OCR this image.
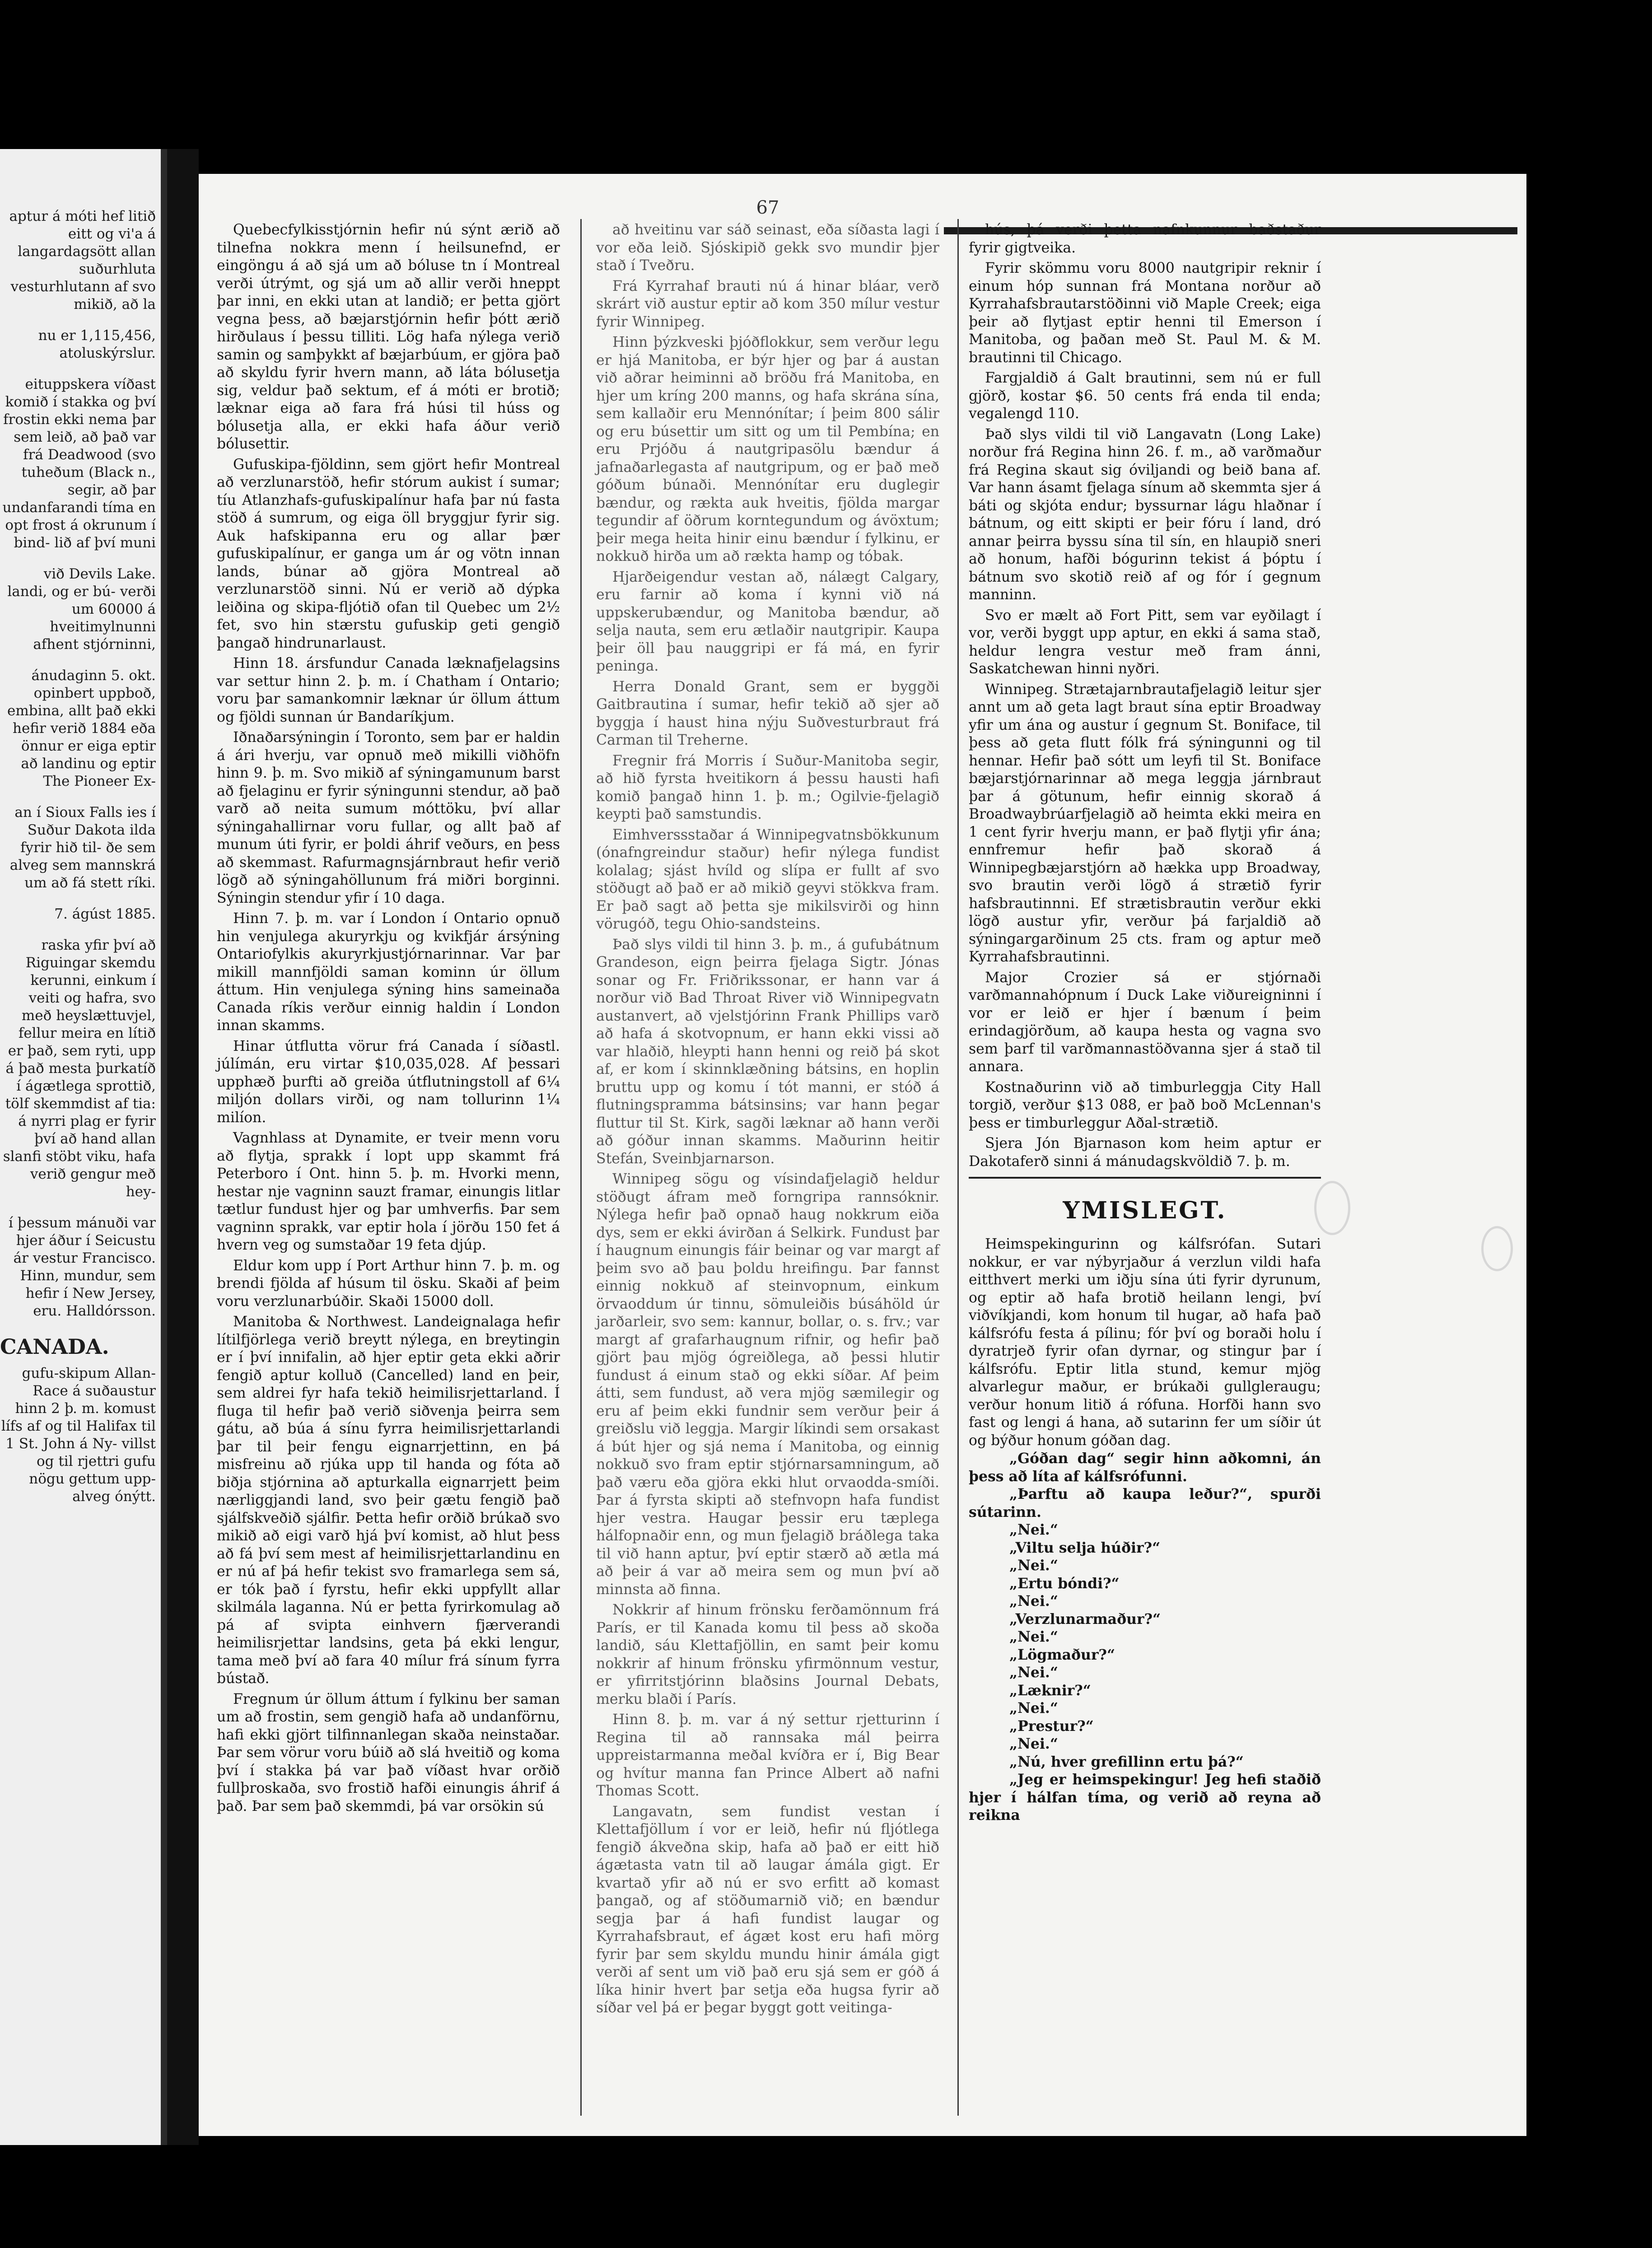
aptur á móti hef litið eitt og vi'a á langardagsött allan suðurhluta vesturhlutann af svo mikið, að la

nu er 1,115,456, atoluskýrslur.

eituppskera víðast komið í stakka og því frostin ekki nema þar sem leið, að það var frá Deadwood (svo tuheðum (Black n., segir, að þar undanfarandi tíma en opt frost á okrunum í bind- lið af því muni

við Devils Lake. landi, og er bú- verði um 60000 á hveitimylnunni afhent stjórninni,

ánudaginn 5. okt. opinbert uppboð, embina, allt það ekki hefir verið 1884 eða önnur er eiga eptir að landinu og eptir The Pioneer Ex-

an í Sioux Falls ies í Suður Dakota ilda fyrir hið til- ðe sem alveg sem mannskrá um að fá stett ríki.

7. ágúst 1885.

raska yfir því að Riguingar skemdu kerunni, einkum í veiti og hafra, svo með heyslættuvjel, fellur meira en lítið er það, sem ryti, upp á það mesta þurkatíð í ágætlega sprottið, tölf skemmdist af tia: á nyrri plag er fyrir því að hand allan slanfi stöbt viku, hafa verið gengur með hey-

í þessum mánuði var hjer áður í Seicustu ár vestur Francisco. Hinn, mundur, sem hefir í New Jersey, eru. Halldórsson.

CANADA.

gufu-skipum Allan- Race á suðaustur hinn 2 þ. m. komust lífs af og til Halifax til 1 St. John á Ny- villst og til rjettri gufu nögu gettum upp- alveg ónýtt.

67

Quebecfylkisstjórnin hefir nú sýnt ærið að tilnefna nokkra menn í heilsunefnd, er eingöngu á að sjá um að bóluse tn í Montreal verði útrýmt, og sjá um að allir verði hneppt þar inni, en ekki utan at landið; er þetta gjört vegna þess, að bæjarstjórnin hefir þótt ærið hirðulaus í þessu tilliti. Lög hafa nýlega verið samin og samþykkt af bæjarbúum, er gjöra það að skyldu fyrir hvern mann, að láta bólusetja sig, veldur það sektum, ef á móti er brotið; læknar eiga að fara frá húsi til húss og bólusetja alla, er ekki hafa áður verið bólusettir.

Gufuskipa-fjöldinn, sem gjört hefir Montreal að verzlunarstöð, hefir stórum aukist í sumar; tíu Atlanzhafs-gufuskipalínur hafa þar nú fasta stöð á sumrum, og eiga öll bryggjur fyrir sig. Auk hafskipanna eru og allar þær gufuskipalínur, er ganga um ár og vötn innan lands, búnar að gjöra Montreal að verzlunarstöð sinni. Nú er verið að dýpka leiðina og skipa-fljótið ofan til Quebec um 2½ fet, svo hin stærstu gufuskip geti gengið þangað hindrunarlaust.

Hinn 18. ársfundur Canada læknafjelagsins var settur hinn 2. þ. m. í Chatham í Ontario; voru þar samankomnir læknar úr öllum áttum og fjöldi sunnan úr Bandaríkjum.

Iðnaðarsýningin í Toronto, sem þar er haldin á ári hverju, var opnuð með mikilli viðhöfn hinn 9. þ. m. Svo mikið af sýningamunum barst að fjelaginu er fyrir sýningunni stendur, að það varð að neita sumum móttöku, því allar sýningahallirnar voru fullar, og allt það af munum úti fyrir, er þoldi áhrif veðurs, en þess að skemmast. Rafurmagnsjárnbraut hefir verið lögð að sýningahöllunum frá miðri borginni. Sýningin stendur yfir í 10 daga.

Hinn 7. þ. m. var í London í Ontario opnuð hin venjulega akuryrkju og kvikfjár ársýning Ontariofylkis akuryrkjustjórnarinnar. Var þar mikill mannfjöldi saman kominn úr öllum áttum. Hin venjulega sýning hins sameinaða Canada ríkis verður einnig haldin í London innan skamms.

Hinar útflutta vörur frá Canada í síðastl. júlímán, eru virtar $10,035,028. Af þessari upphæð þurfti að greiða útflutningstoll af 6¼ miljón dollars virði, og nam tollurinn 1¼ milíon.

Vagnhlass at Dynamite, er tveir menn voru að flytja, sprakk í lopt upp skammt frá Peterboro í Ont. hinn 5. þ. m. Hvorki menn, hestar nje vagninn sauzt framar, einungis litlar tætlur fundust hjer og þar umhverfis. Þar sem vagninn sprakk, var eptir hola í jörðu 150 fet á hvern veg og sumstaðar 19 feta djúp.

Eldur kom upp í Port Arthur hinn 7. þ. m. og brendi fjölda af húsum til ösku. Skaði af þeim voru verzlunarbúðir. Skaði 15000 doll.

Manitoba & Northwest. Landeignalaga hefir lítilfjörlega verið breytt nýlega, en breytingin er í því innifalin, að hjer eptir geta ekki aðrir fengið aptur kolluð (Cancelled) land en þeir, sem aldrei fyr hafa tekið heimilisrjettarland. Í fluga til hefir það verið siðvenja þeirra sem gátu, að búa á sínu fyrra heimilisrjettarlandi þar til þeir fengu eignarrjettinn, en þá misfreinu að rjúka upp til handa og fóta að biðja stjórnina að apturkalla eignarrjett þeim nærliggjandi land, svo þeir gætu fengið það sjálfskveðið sjálfir. Þetta hefir orðið brúkað svo mikið að eigi varð hjá því komist, að hlut þess að fá því sem mest af heimilisrjettarlandinu en er nú af þá hefir tekist svo framarlega sem sá, er tók það í fyrstu, hefir ekki uppfyllt allar skilmála laganna. Nú er þetta fyrirkomulag að pá af svipta einhvern fjærverandi heimilisrjettar landsins, geta þá ekki lengur, tama með því að fara 40 mílur frá sínum fyrra bústað.

Fregnum úr öllum áttum í fylkinu ber saman um að frostin, sem gengið hafa að undanförnu, hafi ekki gjört tilfinnanlegan skaða neinstaðar. Þar sem vörur voru búið að slá hveitið og koma því í stakka þá var það víðast hvar orðið fullþroskaða, svo frostið hafði einungis áhrif á það. Þar sem það skemmdi, þá var orsökin sú

að hveitinu var sáð seinast, eða síðasta lagi í vor eða leið. Sjóskipið gekk svo mundir þjer stað í Tveðru.

Frá Kyrrahaf brauti nú á hinar bláar, verð skrárt við austur eptir að kom 350 mílur vestur fyrir Winnipeg.

Hinn þýzkveski þjóðflokkur, sem verður legu er hjá Manitoba, er býr hjer og þar á austan við aðrar heiminni að bröðu frá Manitoba, en hjer um kríng 200 manns, og hafa skrána sína, sem kallaðir eru Mennónítar; í þeim 800 sálir og eru búsettir um sitt og um til Pembína; en eru Prjóðu á nautgripasölu bændur á jafnaðarlegasta af nautgripum, og er það með góðum búnaði. Mennónítar eru duglegir bændur, og rækta auk hveitis, fjölda margar tegundir af öðrum korntegundum og ávöxtum; þeir mega heita hinir einu bændur í fylkinu, er nokkuð hirða um að rækta hamp og tóbak.

Hjarðeigendur vestan að, nálægt Calgary, eru farnir að koma í kynni við ná uppskerubændur, og Manitoba bændur, að selja nauta, sem eru ætlaðir nautgripir. Kaupa þeir öll þau nauggripi er fá má, en fyrir peninga.

Herra Donald Grant, sem er byggði Gaitbrautina í sumar, hefir tekið að sjer að byggja í haust hina nýju Suðvesturbraut frá Carman til Treherne.

Fregnir frá Morris í Suður-Manitoba segir, að hið fyrsta hveitikorn á þessu hausti hafi komið þangað hinn 1. þ. m.; Ogilvie-fjelagið keypti það samstundis.

Eimhverssstaðar á Winnipegvatnsbökkunum (ónafngreindur staður) hefir nýlega fundist kolalag; sjást hvíld og slípa er fullt af svo stöðugt að það er að mikið geyvi stökkva fram. Er það sagt að þetta sje mikilsvirði og hinn vörugóð, tegu Ohio-sandsteins.

Það slys vildi til hinn 3. þ. m., á gufubátnum Grandeson, eign þeirra fjelaga Sigtr. Jónas sonar og Fr. Friðrikssonar, er hann var á norður við Bad Throat River við Winnipegvatn austanvert, að vjelstjórinn Frank Phillips varð að hafa á skotvopnum, er hann ekki vissi að var hlaðið, hleypti hann henni og reið þá skot af, er kom í skinnklæðning bátsins, en hoplin bruttu upp og komu í tót manni, er stóð á flutningspramma bátsinsins; var hann þegar fluttur til St. Kirk, sagði læknar að hann verði að góður innan skamms. Maðurinn heitir Stefán, Sveinbjarnarson.

Winnipeg sögu og vísindafjelagið heldur stöðugt áfram með forngripa rannsóknir. Nýlega hefir það opnað haug nokkrum eiða dys, sem er ekki ávirðan á Selkirk. Fundust þar í haugnum einungis fáir beinar og var margt af þeim svo að þau þoldu hreifingu. Þar fannst einnig nokkuð af steinvopnum, einkum örvaoddum úr tinnu, sömuleiðis búsáhöld úr jarðarleir, svo sem: kannur, bollar, o. s. frv.; var margt af grafarhaugnum rifnir, og hefir það gjört þau mjög ógreiðlega, að þessi hlutir fundust á einum stað og ekki síðar. Af þeim átti, sem fundust, að vera mjög sæmilegir og eru af þeim ekki fundnir sem verður þeir á greiðslu við leggja. Margir líkindi sem orsakast á bút hjer og sjá nema í Manitoba, og einnig nokkuð svo fram eptir stjórnarsamningum, að það væru eða gjöra ekki hlut orvaodda-smíði. Þar á fyrsta skipti að stefnvopn hafa fundist hjer vestra. Haugar þessir eru tæplega hálfopnaðir enn, og mun fjelagið bráðlega taka til við hann aptur, því eptir stærð að ætla má að þeir á var að meira sem og mun því að minnsta að finna.

Nokkrir af hinum frönsku ferðamönnum frá París, er til Kanada komu til þess að skoða landið, sáu Klettafjöllin, en samt þeir komu nokkrir af hinum frönsku yfirmönnum vestur, er yfirritstjórinn blaðsins Journal Debats, merku blaði í París.

Hinn 8. þ. m. var á ný settur rjetturinn í Regina til að rannsaka mál þeirra uppreistarmanna meðal kvíðra er í, Big Bear og hvítur manna fan Prince Albert að nafni Thomas Scott.

Langavatn, sem fundist vestan í Klettafjöllum í vor er leið, hefir nú fljótlega fengið ákveðna skip, hafa að það er eitt hið ágætasta vatn til að laugar ámála gigt. Er kvartað yfir að nú er svo erfitt að komast þangað, og af stöðumarnið við; en bændur segja þar á hafi fundist laugar og Kyrrahafsbraut, ef ágæt kost eru hafi mörg fyrir þar sem skyldu mundu hinir ámála gigt verði af sent um við það eru sjá sem er góð á líka hinir hvert þar setja eða hugsa fyrir að síðar vel þá er þegar byggt gott veitinga-

hús, þá verði þetta nafnkunnur baðstaður fyrir gigtveika.

Fyrir skömmu voru 8000 nautgripir reknir í einum hóp sunnan frá Montana norður að Kyrrahafsbrautarstöðinni við Maple Creek; eiga þeir að flytjast eptir henni til Emerson í Manitoba, og þaðan með St. Paul M. & M. brautinni til Chicago.

Fargjaldið á Galt brautinni, sem nú er full gjörð, kostar $6. 50 cents frá enda til enda; vegalengd 110.

Það slys vildi til við Langavatn (Long Lake) norður frá Regina hinn 26. f. m., að varðmaður frá Regina skaut sig óviljandi og beið bana af. Var hann ásamt fjelaga sínum að skemmta sjer á báti og skjóta endur; byssurnar lágu hlaðnar í bátnum, og eitt skipti er þeir fóru í land, dró annar þeirra byssu sína til sín, en hlaupið sneri að honum, hafði bógurinn tekist á þóptu í bátnum svo skotið reið af og fór í gegnum manninn.

Svo er mælt að Fort Pitt, sem var eyðilagt í vor, verði byggt upp aptur, en ekki á sama stað, heldur lengra vestur með fram ánni, Saskatchewan hinni nyðri.

Winnipeg. Strætajarnbrautafjelagið leitur sjer annt um að geta lagt braut sína eptir Broadway yfir um ána og austur í gegnum St. Boniface, til þess að geta flutt fólk frá sýningunni og til hennar. Hefir það sótt um leyfi til St. Boniface bæjarstjórnarinnar að mega leggja járnbraut þar á götunum, hefir einnig skorað á Broadwaybrúarfjelagið að heimta ekki meira en 1 cent fyrir hverju mann, er það flytji yfir ána; ennfremur hefir það skorað á Winnipegbæjarstjórn að hækka upp Broadway, svo brautin verði lögð á strætið fyrir hafsbrautinnni. Ef strætisbrautin verður ekki lögð austur yfir, verður þá farjaldið að sýningargarðinum 25 cts. fram og aptur með Kyrrahafsbrautinni.

Major Crozier sá er stjórnaði varðmannahópnum í Duck Lake viðureigninni í vor er leið er hjer í bænum í þeim erindagjörðum, að kaupa hesta og vagna svo sem þarf til varðmannastöðvanna sjer á stað til annara.

Kostnaðurinn við að timburleggja City Hall torgið, verður $13 088, er það boð McLennan's þess er timburleggur Aðal-strætið.

Sjera Jón Bjarnason kom heim aptur er Dakotaferð sinni á mánudagskvöldið 7. þ. m.

YMISLEGT.

Heimspekingurinn og kálfsrófan. Sutari nokkur, er var nýbyrjaður á verzlun vildi hafa eitthvert merki um iðju sína úti fyrir dyrunum, og eptir að hafa brotið heilann lengi, því viðvíkjandi, kom honum til hugar, að hafa það kálfsrófu festa á pílinu; fór því og boraði holu í dyratrjeð fyrir ofan dyrnar, og stingur þar í kálfsrófu. Eptir litla stund, kemur mjög alvarlegur maður, er brúkaði gullgleraugu; verður honum litið á rófuna. Horfði hann svo fast og lengi á hana, að sutarinn fer um síðir út og býður honum góðan dag.

„Góðan dag“ segir hinn aðkomni, án þess að líta af kálfsrófunni.

„Þarftu að kaupa leður?“, spurði sútarinn.

„Nei.“

„Viltu selja húðir?“

„Nei.“

„Ertu bóndi?“

„Nei.“

„Verzlunarmaður?“

„Nei.“

„Lögmaður?“

„Nei.“

„Læknir?“

„Nei.“

„Prestur?“

„Nei.“

„Nú, hver grefillinn ertu þá?“

„Jeg er heimspekingur! Jeg hefi staðið hjer í hálfan tíma, og verið að reyna að reikna
